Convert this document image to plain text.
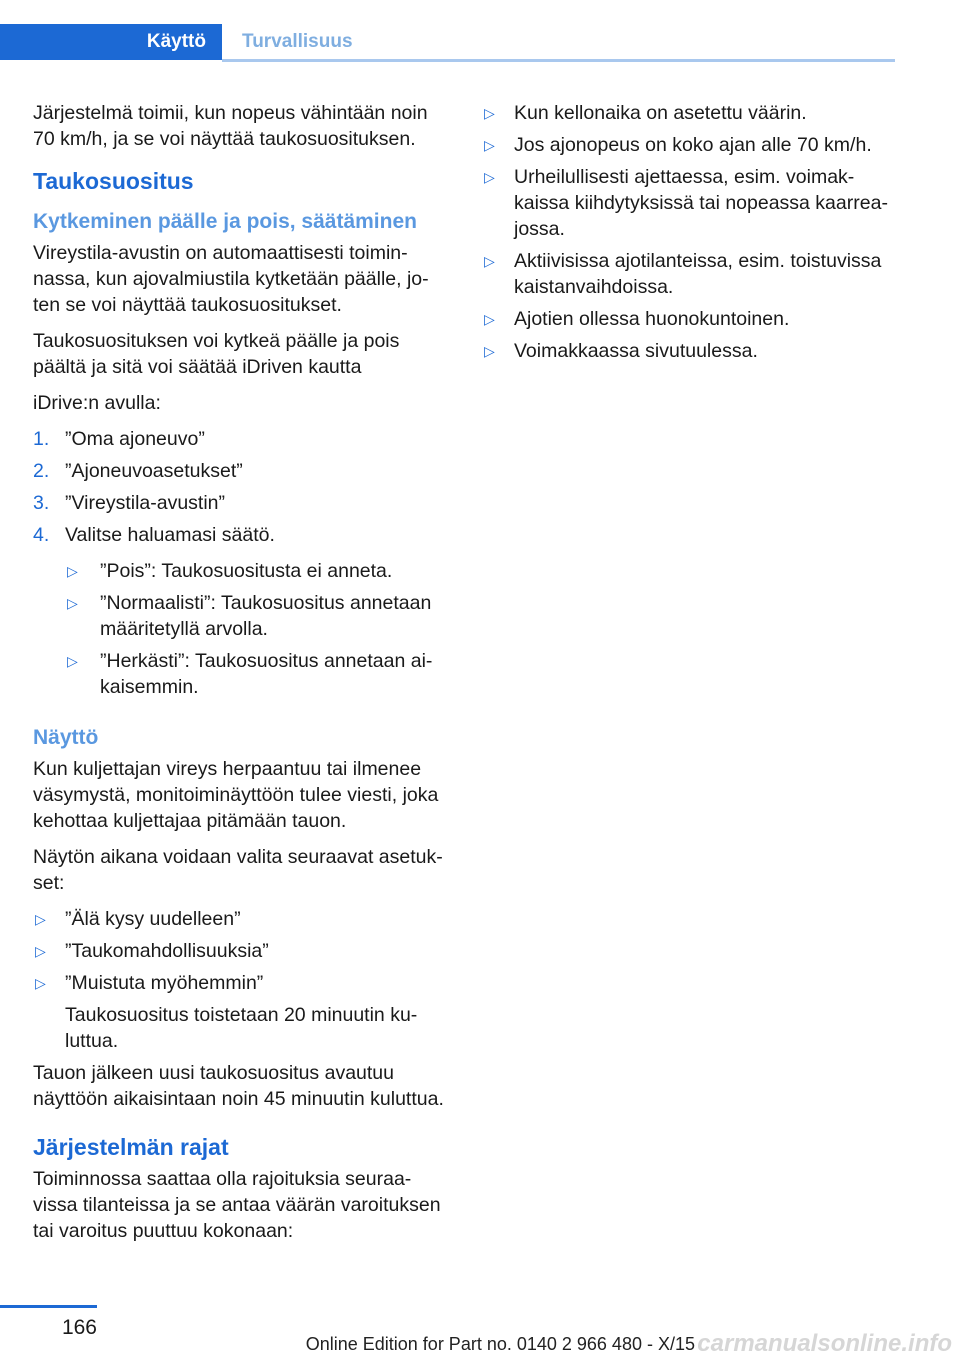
Käyttö Turvallisuus

Järjestelmä toimii, kun nopeus vähintään noin 70 km/h, ja se voi näyttää taukosuosituksen.

Taukosuositus
Kytkeminen päälle ja pois, säätäminen

Vireystila-avustin on automaattisesti toiminnassa, kun ajovalmiustila kytketään päälle, joten se voi näyttää taukosuositukset.

Taukosuosituksen voi kytkeä päälle ja pois päältä ja sitä voi säätää iDriven kautta

iDrive:n avulla:

1. ”Oma ajoneuvo”
2. ”Ajoneuvoasetukset”
3. ”Vireystila-avustin”
4. Valitse haluamasi säätö.
▷ ”Pois”: Taukosuositusta ei anneta.
▷ ”Normaalisti”: Taukosuositus annetaan määritetyllä arvolla.
▷ ”Herkästi”: Taukosuositus annetaan aikaisemmin.
Näyttö

Kun kuljettajan vireys herpaantuu tai ilmenee väsymystä, monitoiminäyttöön tulee viesti, joka kehottaa kuljettajaa pitämään tauon.

Näytön aikana voidaan valita seuraavat asetukset:

▷ ”Älä kysy uudelleen”
▷ ”Taukomahdollisuuksia”
▷ ”Muistuta myöhemmin”
Taukosuositus toistetaan 20 minuutin kuluttua.

Tauon jälkeen uusi taukosuositus avautuu näyttöön aikaisintaan noin 45 minuutin kuluttua.

Järjestelmän rajat

Toiminnossa saattaa olla rajoituksia seuraavissa tilanteissa ja se antaa väärän varoituksen tai varoitus puuttuu kokonaan:

▷ Kun kellonaika on asetettu väärin.
▷ Jos ajonopeus on koko ajan alle 70 km/h.
▷ Urheilullisesti ajettaessa, esim. voimakkaissa kiihdytyksissä tai nopeassa kaarreajossa.
▷ Aktiivisissa ajotilanteissa, esim. toistuvissa kaistanvaihdoissa.
▷ Ajotien ollessa huonokuntoinen.
▷ Voimakkaassa sivutuulessa.
166
Online Edition for Part no. 0140 2 966 480 - X/15 carmanualsonline.info
